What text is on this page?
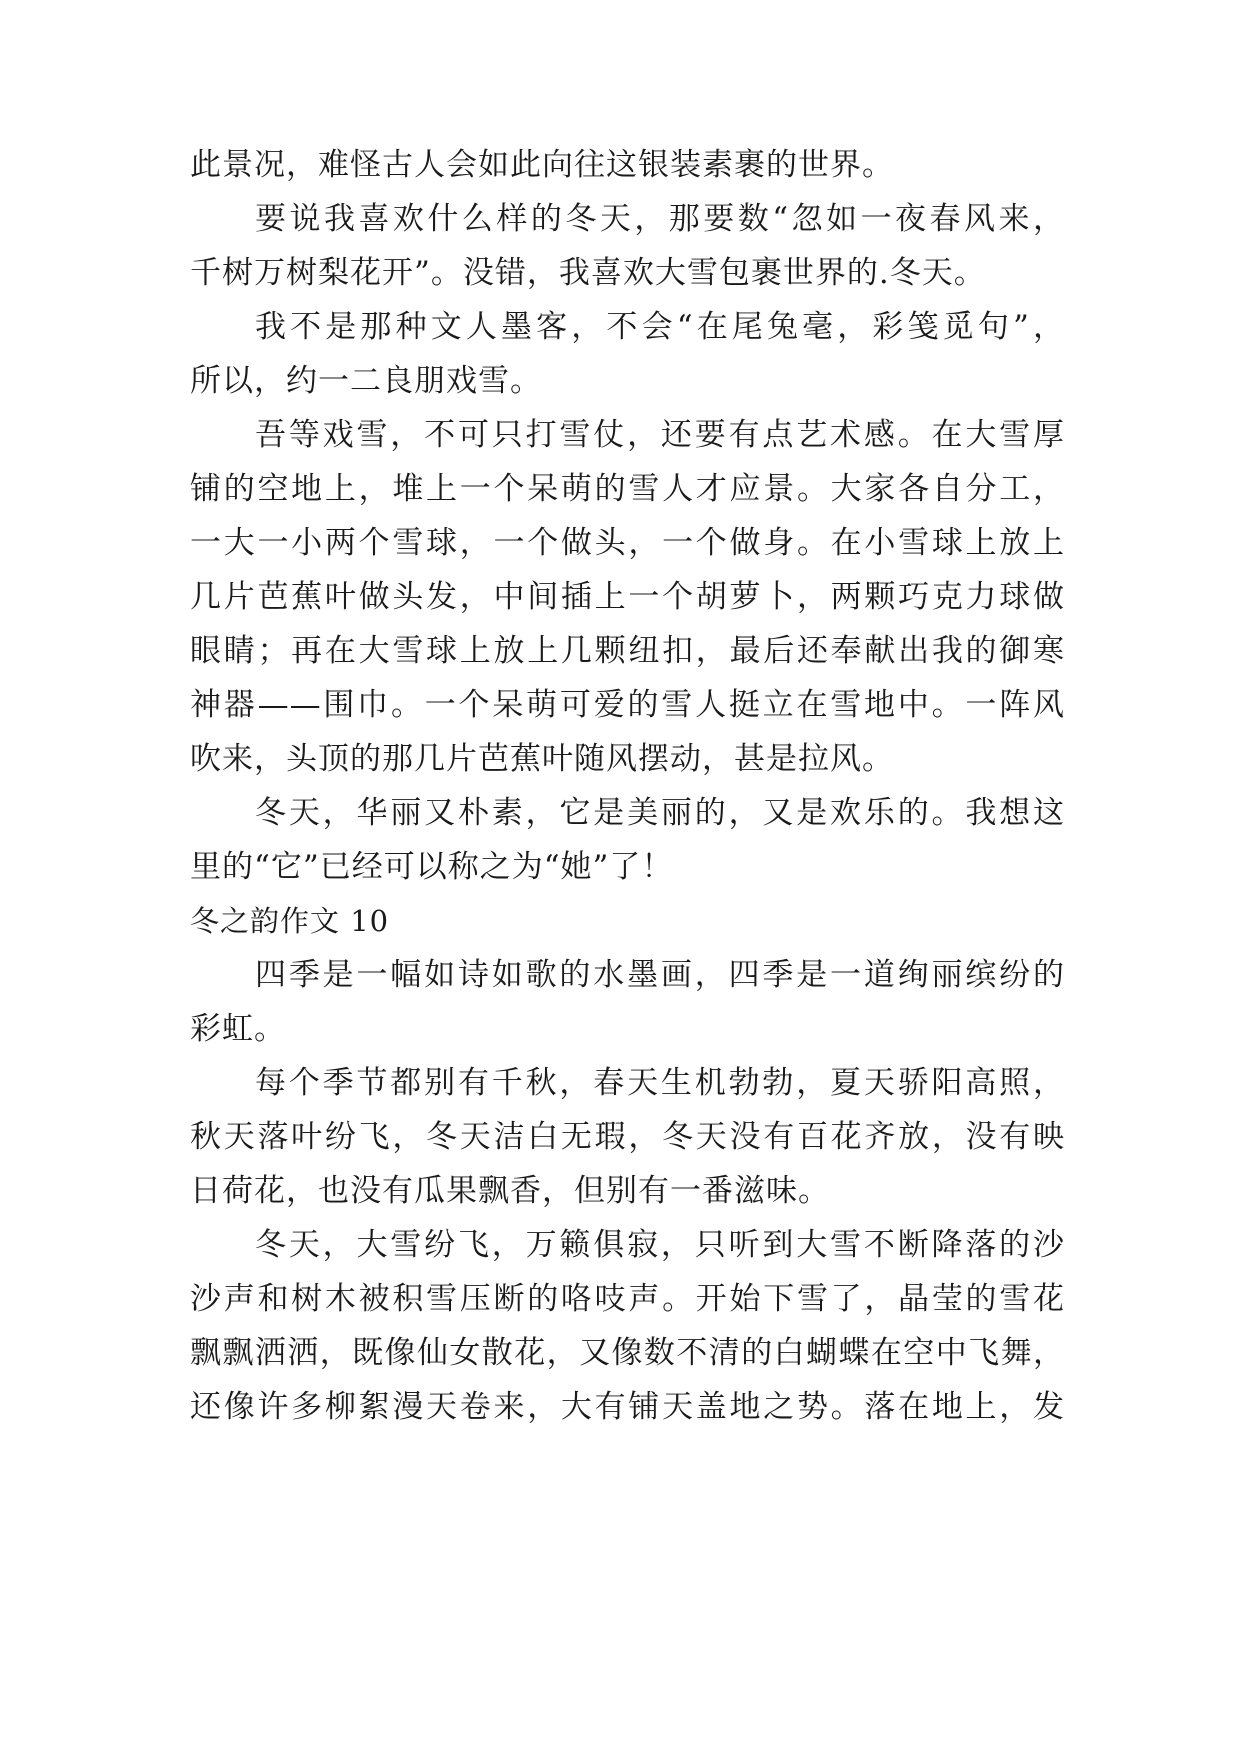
此景况，难怪古人会如此向往这银装素裹的世界。
要说我喜欢什么样的冬天，那要数“忽如一夜春风来，
千树万树梨花开”。没错，我喜欢大雪包裹世界的.冬天。
我不是那种文人墨客，不会“在尾兔毫，彩笺觅句”，
所以，约一二良朋戏雪。
吾等戏雪，不可只打雪仗，还要有点艺术感。在大雪厚
铺的空地上，堆上一个呆萌的雪人才应景。大家各自分工，
一大一小两个雪球，一个做头，一个做身。在小雪球上放上
几片芭蕉叶做头发，中间插上一个胡萝卜，两颗巧克力球做
眼睛；再在大雪球上放上几颗纽扣，最后还奉献出我的御寒
神器——围巾。一个呆萌可爱的雪人挺立在雪地中。一阵风
吹来，头顶的那几片芭蕉叶随风摆动，甚是拉风。
冬天，华丽又朴素，它是美丽的，又是欢乐的。我想这
里的“它”已经可以称之为“她”了！
冬之韵作文 10
四季是一幅如诗如歌的水墨画，四季是一道绚丽缤纷的
彩虹。
每个季节都别有千秋，春天生机勃勃，夏天骄阳高照，
秋天落叶纷飞，冬天洁白无瑕，冬天没有百花齐放，没有映
日荷花，也没有瓜果飘香，但别有一番滋味。
冬天，大雪纷飞，万籁俱寂，只听到大雪不断降落的沙
沙声和树木被积雪压断的咯吱声。开始下雪了，晶莹的雪花
飘飘洒洒，既像仙女散花，又像数不清的白蝴蝶在空中飞舞，
还像许多柳絮漫天卷来，大有铺天盖地之势。落在地上，发
